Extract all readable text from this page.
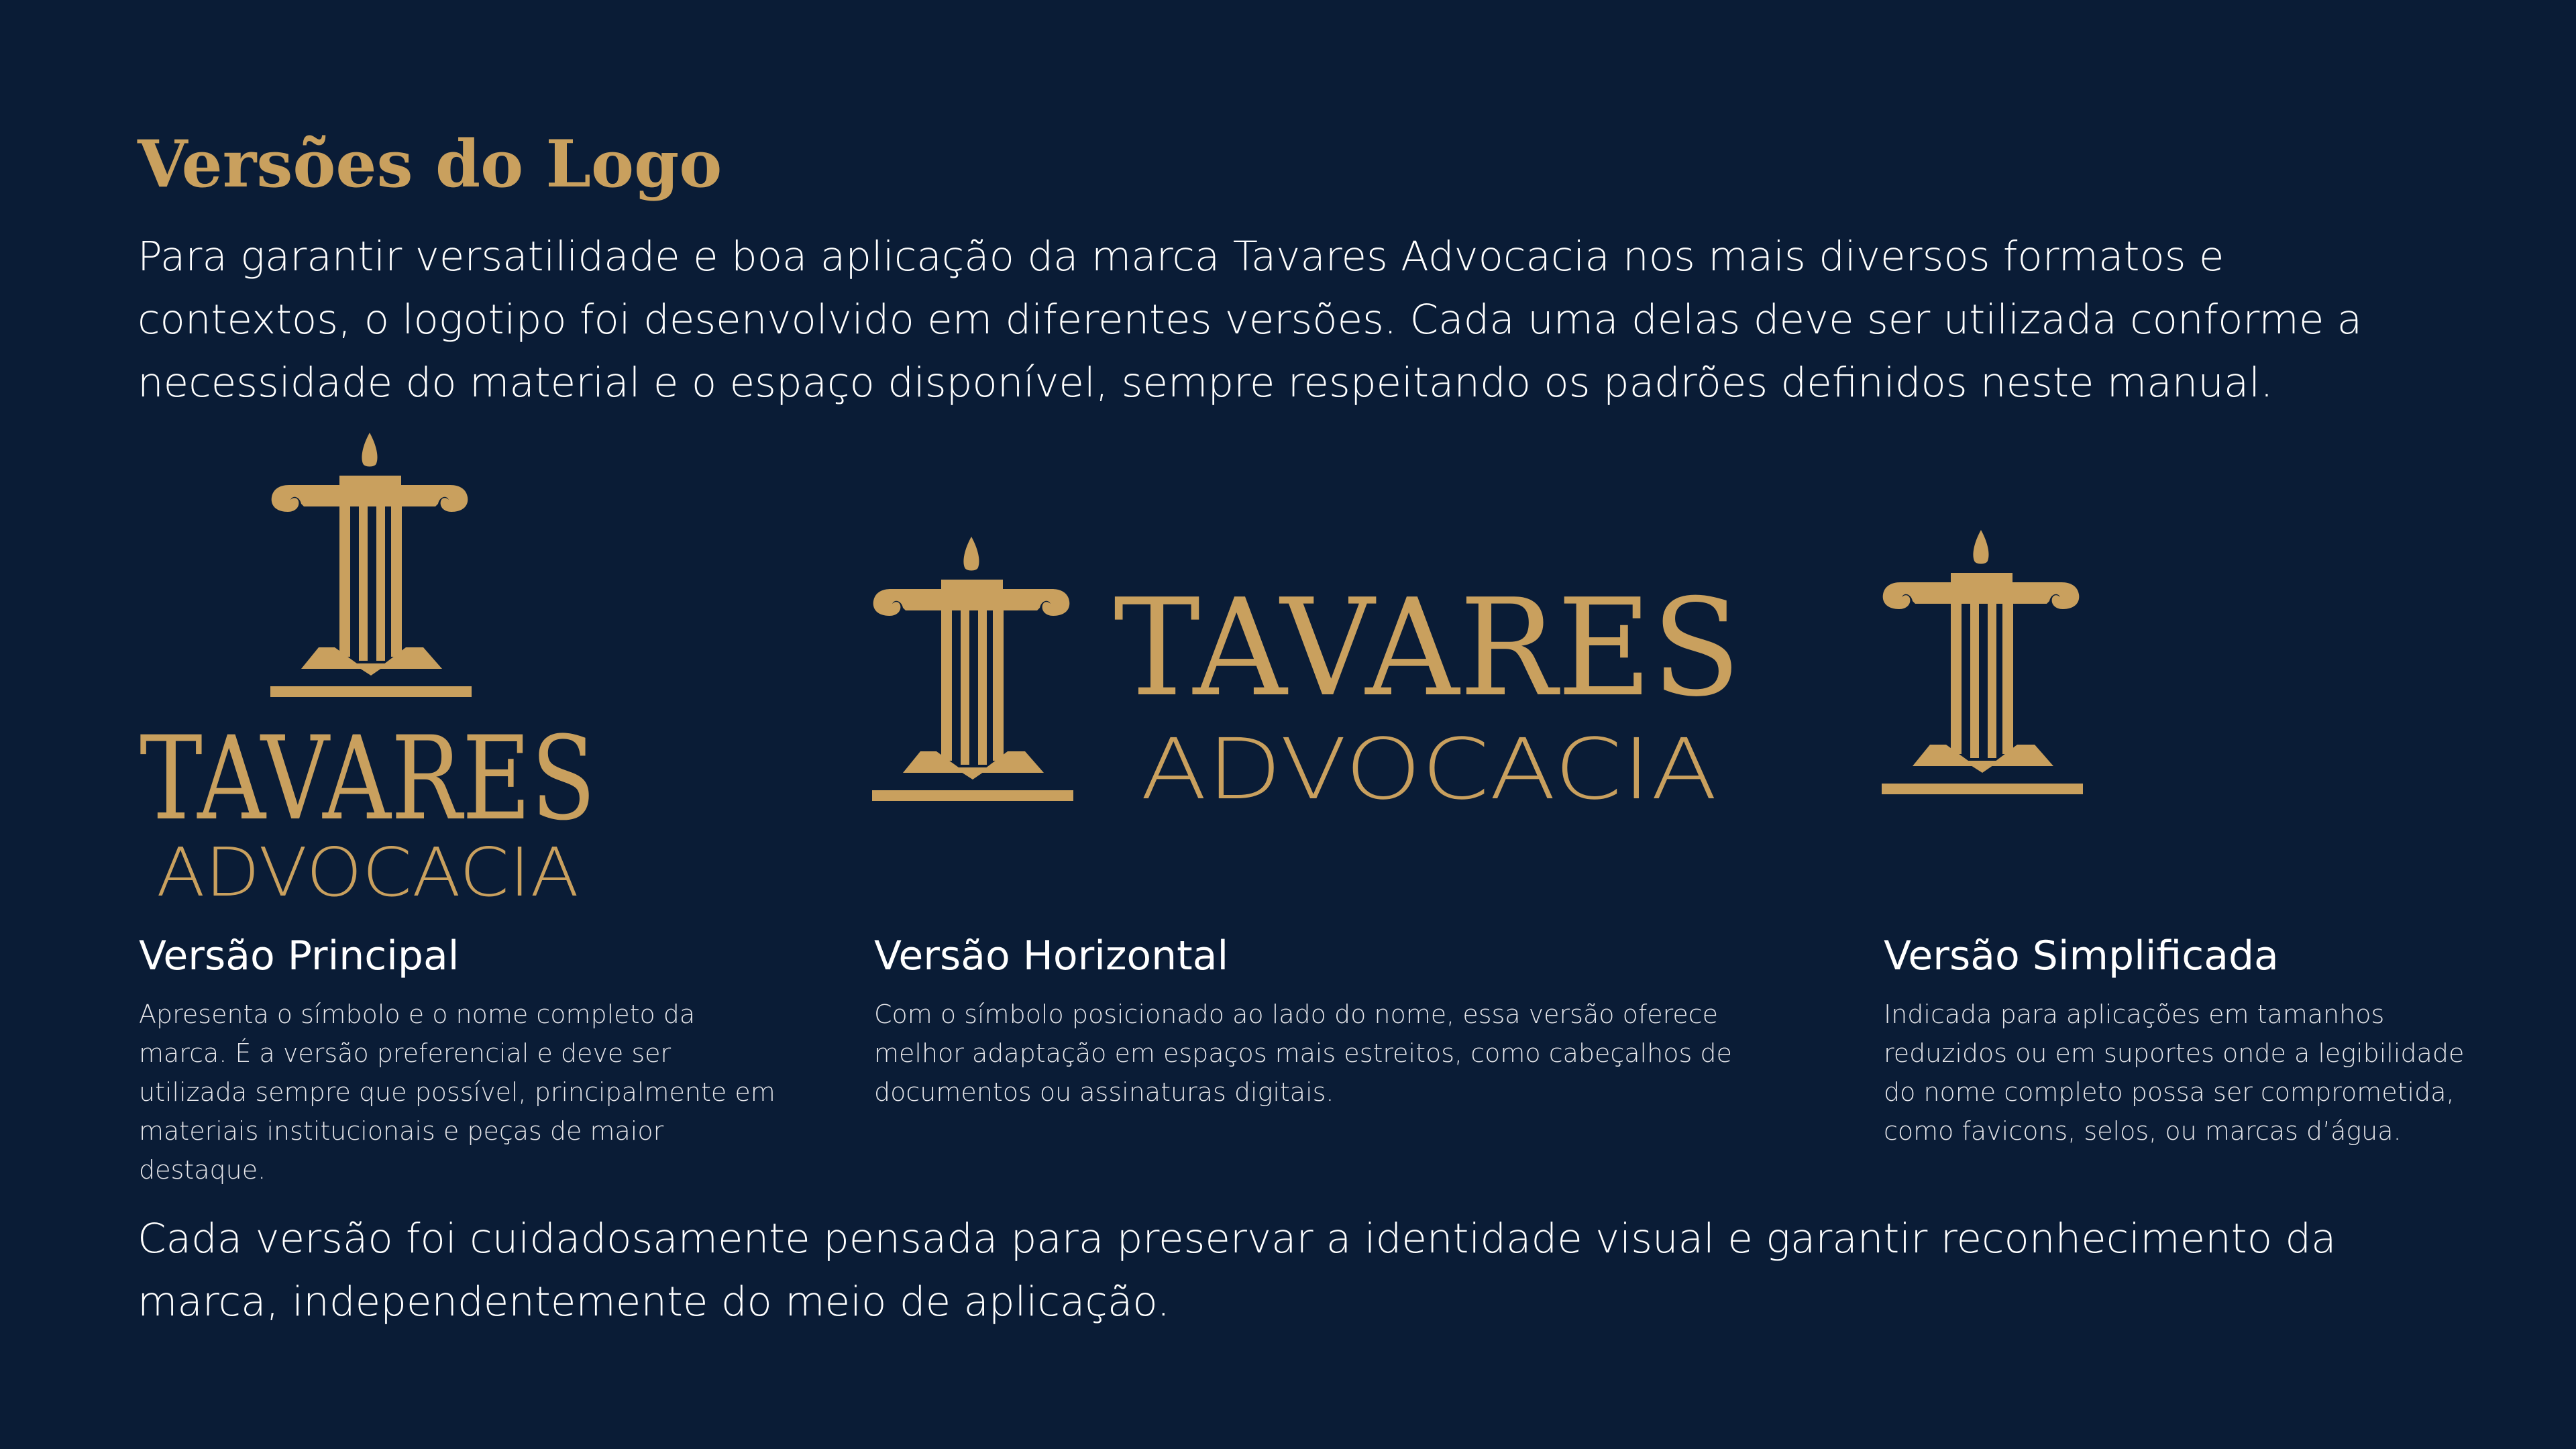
Versões do Logo

Para garantir versatilidade e boa aplicação da marca Tavares Advocacia nos mais diversos formatos e contextos, o logotipo foi desenvolvido em diferentes versões. Cada uma delas deve ser utilizada conforme a necessidade do material e o espaço disponível, sempre respeitando os padrões definidos neste manual.

TAVARES
ADVOCACIA
TAVARES
ADVOCACIA
Versão Principal

Apresenta o símbolo e o nome completo da marca. É a versão preferencial e deve ser utilizada sempre que possível, principalmente em materiais institucionais e peças de maior destaque.

Versão Horizontal

Com o símbolo posicionado ao lado do nome, essa versão oferece melhor adaptação em espaços mais estreitos, como cabeçalhos de documentos ou assinaturas digitais.

Versão Simplificada

Indicada para aplicações em tamanhos reduzidos ou em suportes onde a legibilidade do nome completo possa ser comprometida, como favicons, selos, ou marcas d’água.

Cada versão foi cuidadosamente pensada para preservar a identidade visual e garantir reconhecimento da marca, independentemente do meio de aplicação.
